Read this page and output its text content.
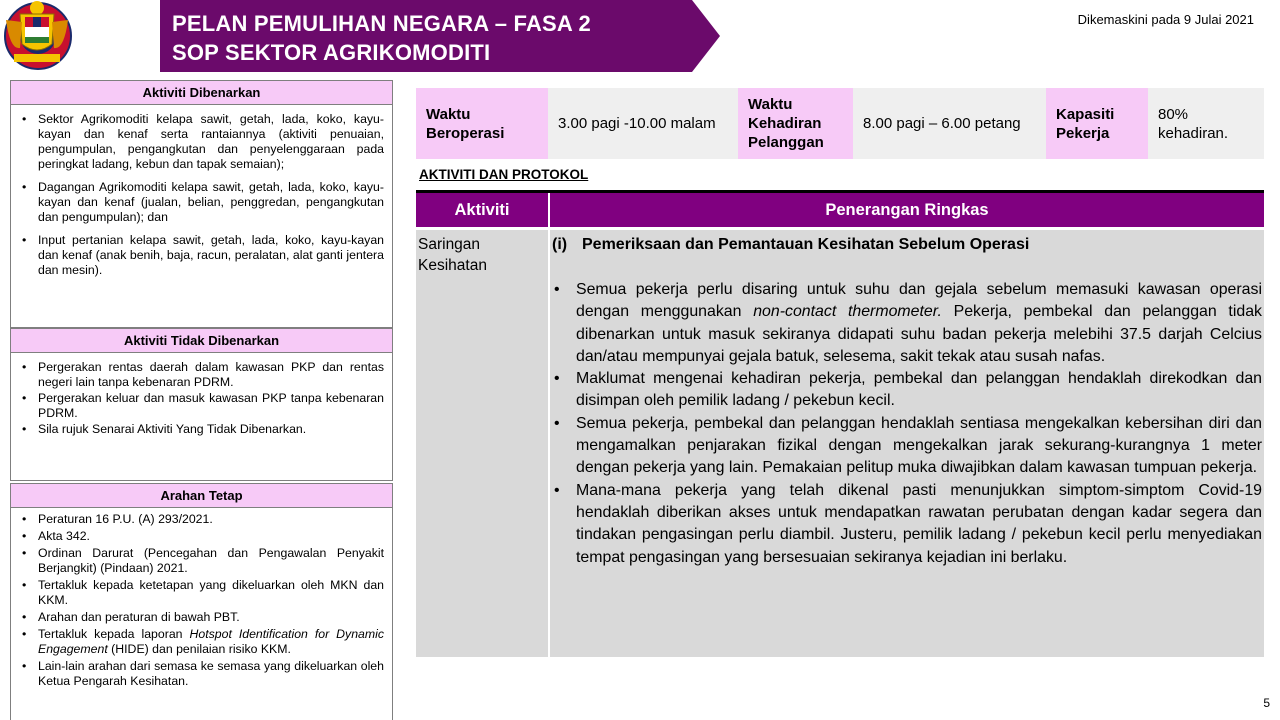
PELAN PEMULIHAN NEGARA – FASA 2
SOP SEKTOR AGRIKOMODITI
Dikemaskini pada 9 Julai 2021
Aktiviti Dibenarkan
• Sektor Agrikomoditi kelapa sawit, getah, lada, koko, kayu-kayan dan kenaf serta rantaiannya (aktiviti penuaian, pengumpulan, pengangkutan dan penyelenggaraan pada peringkat ladang, kebun dan tapak semaian);
• Dagangan Agrikomoditi kelapa sawit, getah, lada, koko, kayu-kayan dan kenaf (jualan, belian, penggredan, pengangkutan dan pengumpulan); dan
• Input pertanian kelapa sawit, getah, lada, koko, kayu-kayan dan kenaf (anak benih, baja, racun, peralatan, alat ganti jentera dan mesin).
Aktiviti Tidak Dibenarkan
• Pergerakan rentas daerah dalam kawasan PKP dan rentas negeri lain tanpa kebenaran PDRM.
• Pergerakan keluar dan masuk kawasan PKP tanpa kebenaran PDRM.
• Sila rujuk Senarai Aktiviti Yang Tidak Dibenarkan.
Arahan Tetap
• Peraturan 16 P.U. (A) 293/2021.
• Akta 342.
• Ordinan Darurat (Pencegahan dan Pengawalan Penyakit Berjangkit) (Pindaan) 2021.
• Tertakluk kepada ketetapan yang dikeluarkan oleh MKN dan KKM.
• Arahan dan peraturan di bawah PBT.
• Tertakluk kepada laporan Hotspot Identification for Dynamic Engagement (HIDE) dan penilaian risiko KKM.
• Lain-lain arahan dari semasa ke semasa yang dikeluarkan oleh Ketua Pengarah Kesihatan.
Waktu Beroperasi
3.00 pagi -10.00 malam
Waktu Kehadiran Pelanggan
8.00 pagi – 6.00 petang
Kapasiti Pekerja
80% kehadiran.
AKTIVITI DAN PROTOKOL
Aktiviti	Penerangan Ringkas
Saringan Kesihatan
(i) Pemeriksaan dan Pemantauan Kesihatan Sebelum Operasi
• Semua pekerja perlu disaring untuk suhu dan gejala sebelum memasuki kawasan operasi dengan menggunakan non-contact thermometer. Pekerja, pembekal dan pelanggan tidak dibenarkan untuk masuk sekiranya didapati suhu badan pekerja melebihi 37.5 darjah Celcius dan/atau mempunyai gejala batuk, selesema, sakit tekak atau susah nafas.
• Maklumat mengenai kehadiran pekerja, pembekal dan pelanggan hendaklah direkodkan dan disimpan oleh pemilik ladang / pekebun kecil.
• Semua pekerja, pembekal dan pelanggan hendaklah sentiasa mengekalkan kebersihan diri dan mengamalkan penjarakan fizikal dengan mengekalkan jarak sekurang-kurangnya 1 meter dengan pekerja yang lain. Pemakaian pelitup muka diwajibkan dalam kawasan tumpuan pekerja.
• Mana-mana pekerja yang telah dikenal pasti menunjukkan simptom-simptom Covid-19 hendaklah diberikan akses untuk mendapatkan rawatan perubatan dengan kadar segera dan tindakan pengasingan perlu diambil. Justeru, pemilik ladang / pekebun kecil perlu menyediakan tempat pengasingan yang bersesuaian sekiranya kejadian ini berlaku.
5
